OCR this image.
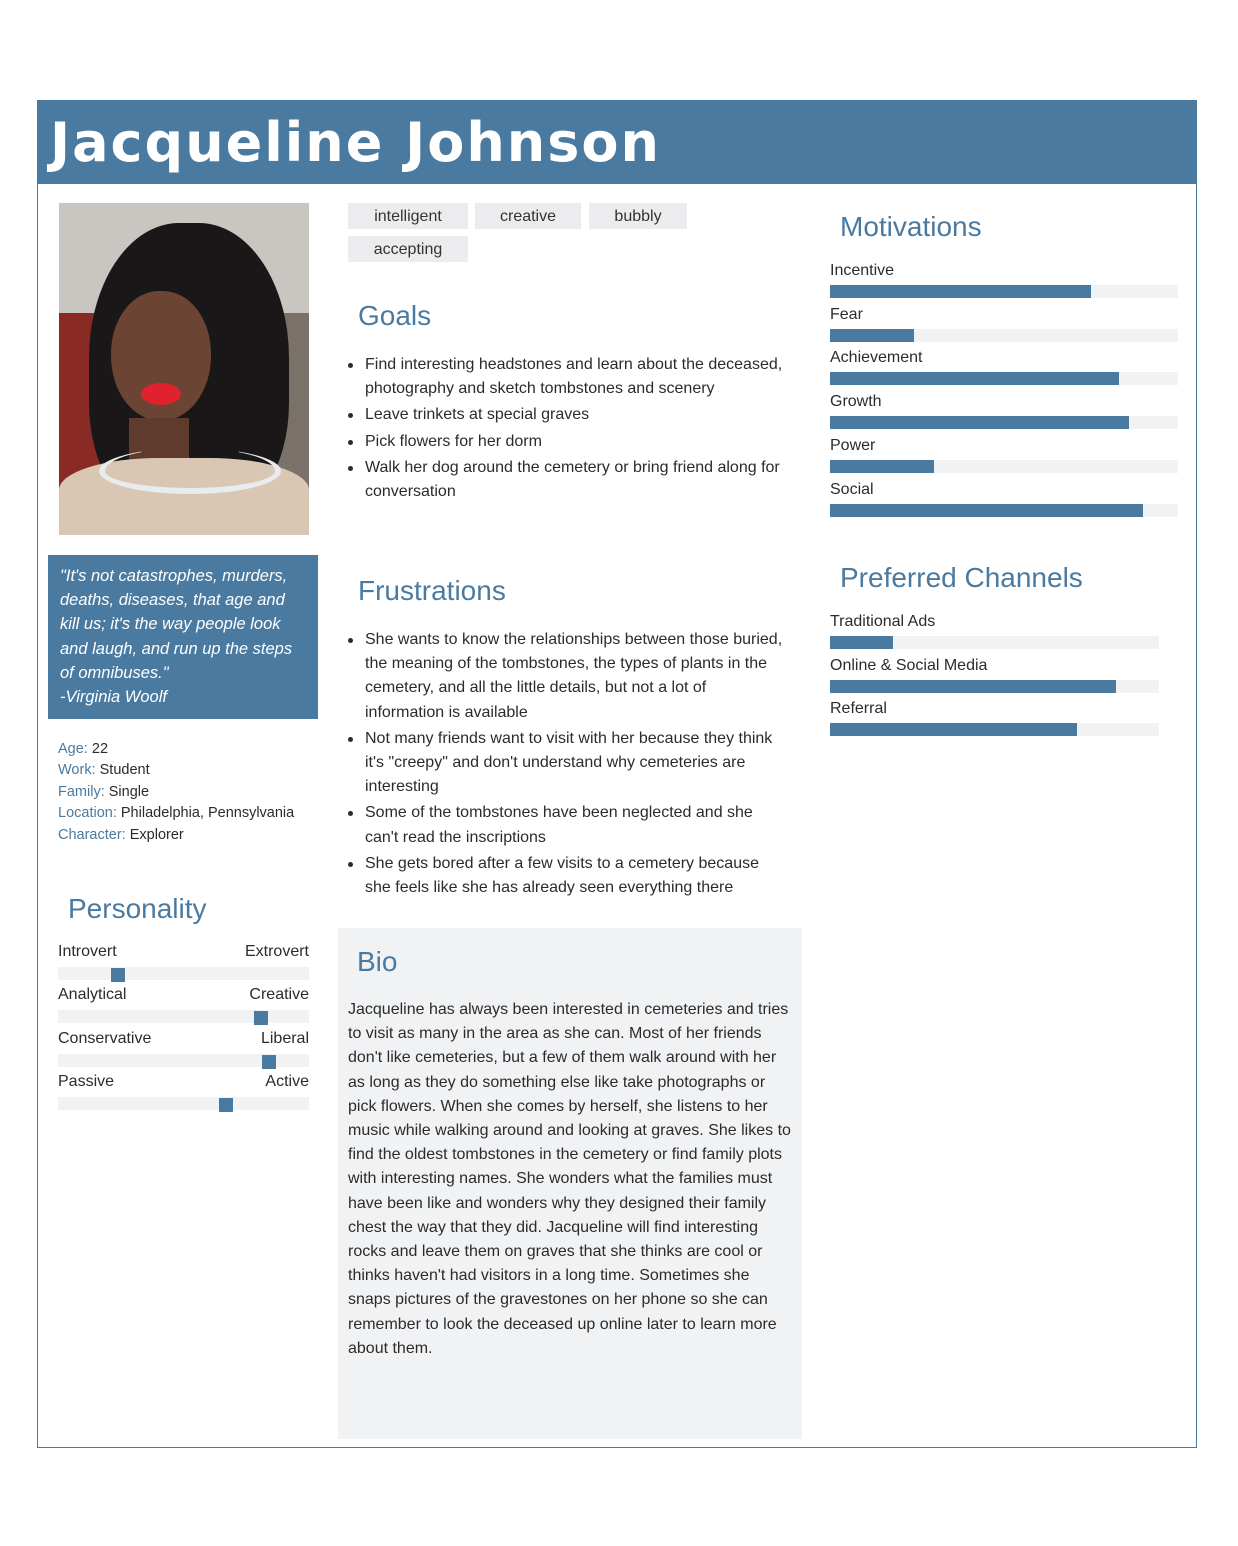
Jacqueline Johnson
"It's not catastrophes, murders,
deaths, diseases, that age and
kill us; it's the way people look
and laugh, and run up the steps
of omnibuses."
-Virginia Woolf
Age: 22
Work: Student
Family: Single
Location: Philadelphia, Pennsylvania
Character: Explorer
Personality
Introvert	Extrovert
Analytical	Creative
Conservative	Liberal
Passive	Active
intelligent	creative	bubbly
accepting
Goals
Find interesting headstones and learn about the deceased, photography and sketch tombstones and scenery
Leave trinkets at special graves
Pick flowers for her dorm
Walk her dog around the cemetery or bring friend along for conversation
Frustrations
She wants to know the relationships between those buried, the meaning of the tombstones, the types of plants in the cemetery, and all the little details, but not a lot of information is available
Not many friends want to visit with her because they think it's "creepy" and don't understand why cemeteries are interesting
Some of the tombstones have been neglected and she can't read the inscriptions
She gets bored after a few visits to a cemetery because she feels like she has already seen everything there
Bio

Jacqueline has always been interested in cemeteries and tries to visit as many in the area as she can. Most of her friends don't like cemeteries, but a few of them walk around with her as long as they do something else like take photographs or pick flowers. When she comes by herself, she listens to her music while walking around and looking at graves. She likes to find the oldest tombstones in the cemetery or find family plots with interesting names. She wonders what the families must have been like and wonders why they designed their family chest the way that they did. Jacqueline will find interesting rocks and leave them on graves that she thinks are cool or thinks haven't had visitors in a long time. Sometimes she snaps pictures of the gravestones on her phone so she can remember to look the deceased up online later to learn more about them.

Motivations
Incentive
Fear
Achievement
Growth
Power
Social
Preferred Channels
Traditional Ads
Online & Social Media
Referral
